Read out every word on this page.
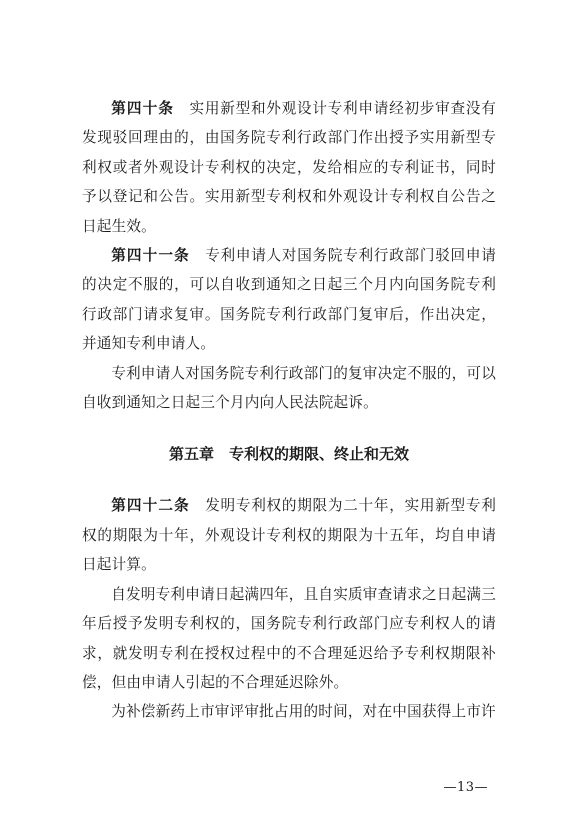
第四十条　 实用新型和外观设计专利申请经初步审查没有发现驳回理由的，由国务院专利行政部门作出授予实用新型专利权或者外观设计专利权的决定，发给相应的专利证书，同时予以登记和公告。实用新型专利权和外观设计专利权自公告之日起生效。

第四十一条　 专利申请人对国务院专利行政部门驳回申请的决定不服的，可以自收到通知之日起三个月内向国务院专利行政部门请求复审。国务院专利行政部门复审后，作出决定，并通知专利申请人。

专利申请人对国务院专利行政部门的复审决定不服的，可以自收到通知之日起三个月内向人民法院起诉。

第五章　专利权的期限、终止和无效

第四十二条　 发明专利权的期限为二十年，实用新型专利权的期限为十年，外观设计专利权的期限为十五年，均自申请日起计算。

自发明专利申请日起满四年，且自实质审查请求之日起满三年后授予发明专利权的，国务院专利行政部门应专利权人的请求，就发明专利在授权过程中的不合理延迟给予专利权期限补偿，但由申请人引起的不合理延迟除外。

为补偿新药上市审评审批占用的时间，对在中国获得上市许

—13—
